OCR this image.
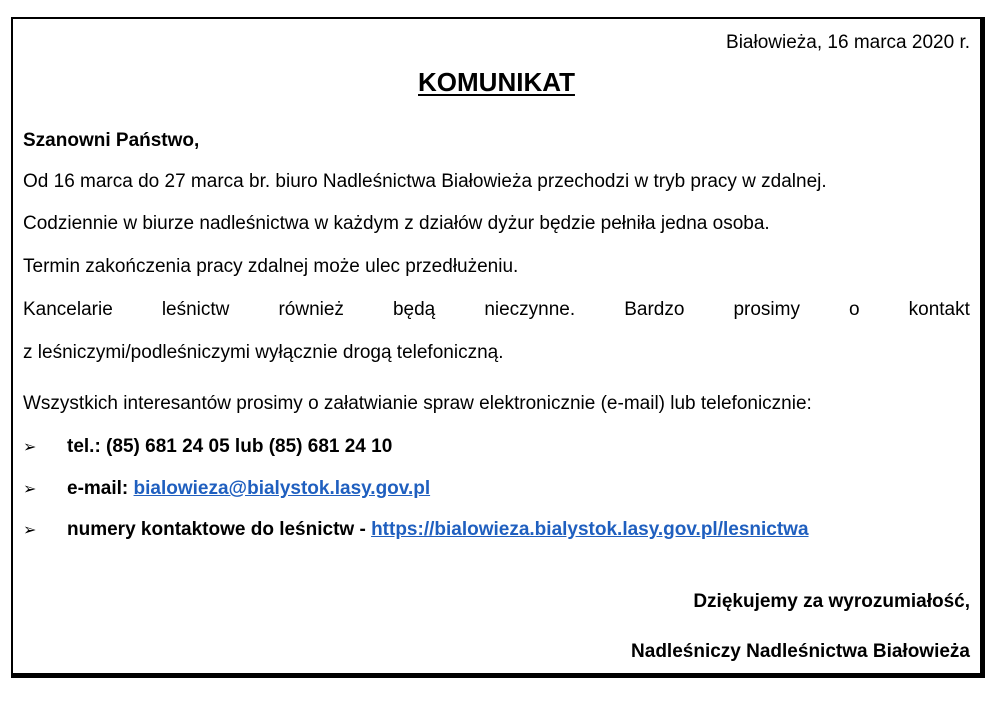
Białowieża, 16 marca 2020 r.
KOMUNIKAT
Szanowni Państwo,
Od 16 marca do 27 marca br. biuro Nadleśnictwa Białowieża przechodzi w tryb pracy w zdalnej.
Codziennie w biurze nadleśnictwa w każdym z działów dyżur będzie pełniła jedna osoba.
Termin zakończenia pracy zdalnej może ulec przedłużeniu.
Kancelarie	leśnictw	również	będą	nieczynne.	Bardzo	prosimy	o	kontakt
z leśniczymi/podleśniczymi wyłącznie drogą telefoniczną.
Wszystkich interesantów prosimy o załatwianie spraw elektronicznie (e-mail) lub telefonicznie:
➢ tel.: (85) 681 24 05 lub (85) 681 24 10
➢ e-mail: bialowieza@bialystok.lasy.gov.pl
➢ numery kontaktowe do leśnictw - https://bialowieza.bialystok.lasy.gov.pl/lesnictwa
Dziękujemy za wyrozumiałość,
Nadleśniczy Nadleśnictwa Białowieża
